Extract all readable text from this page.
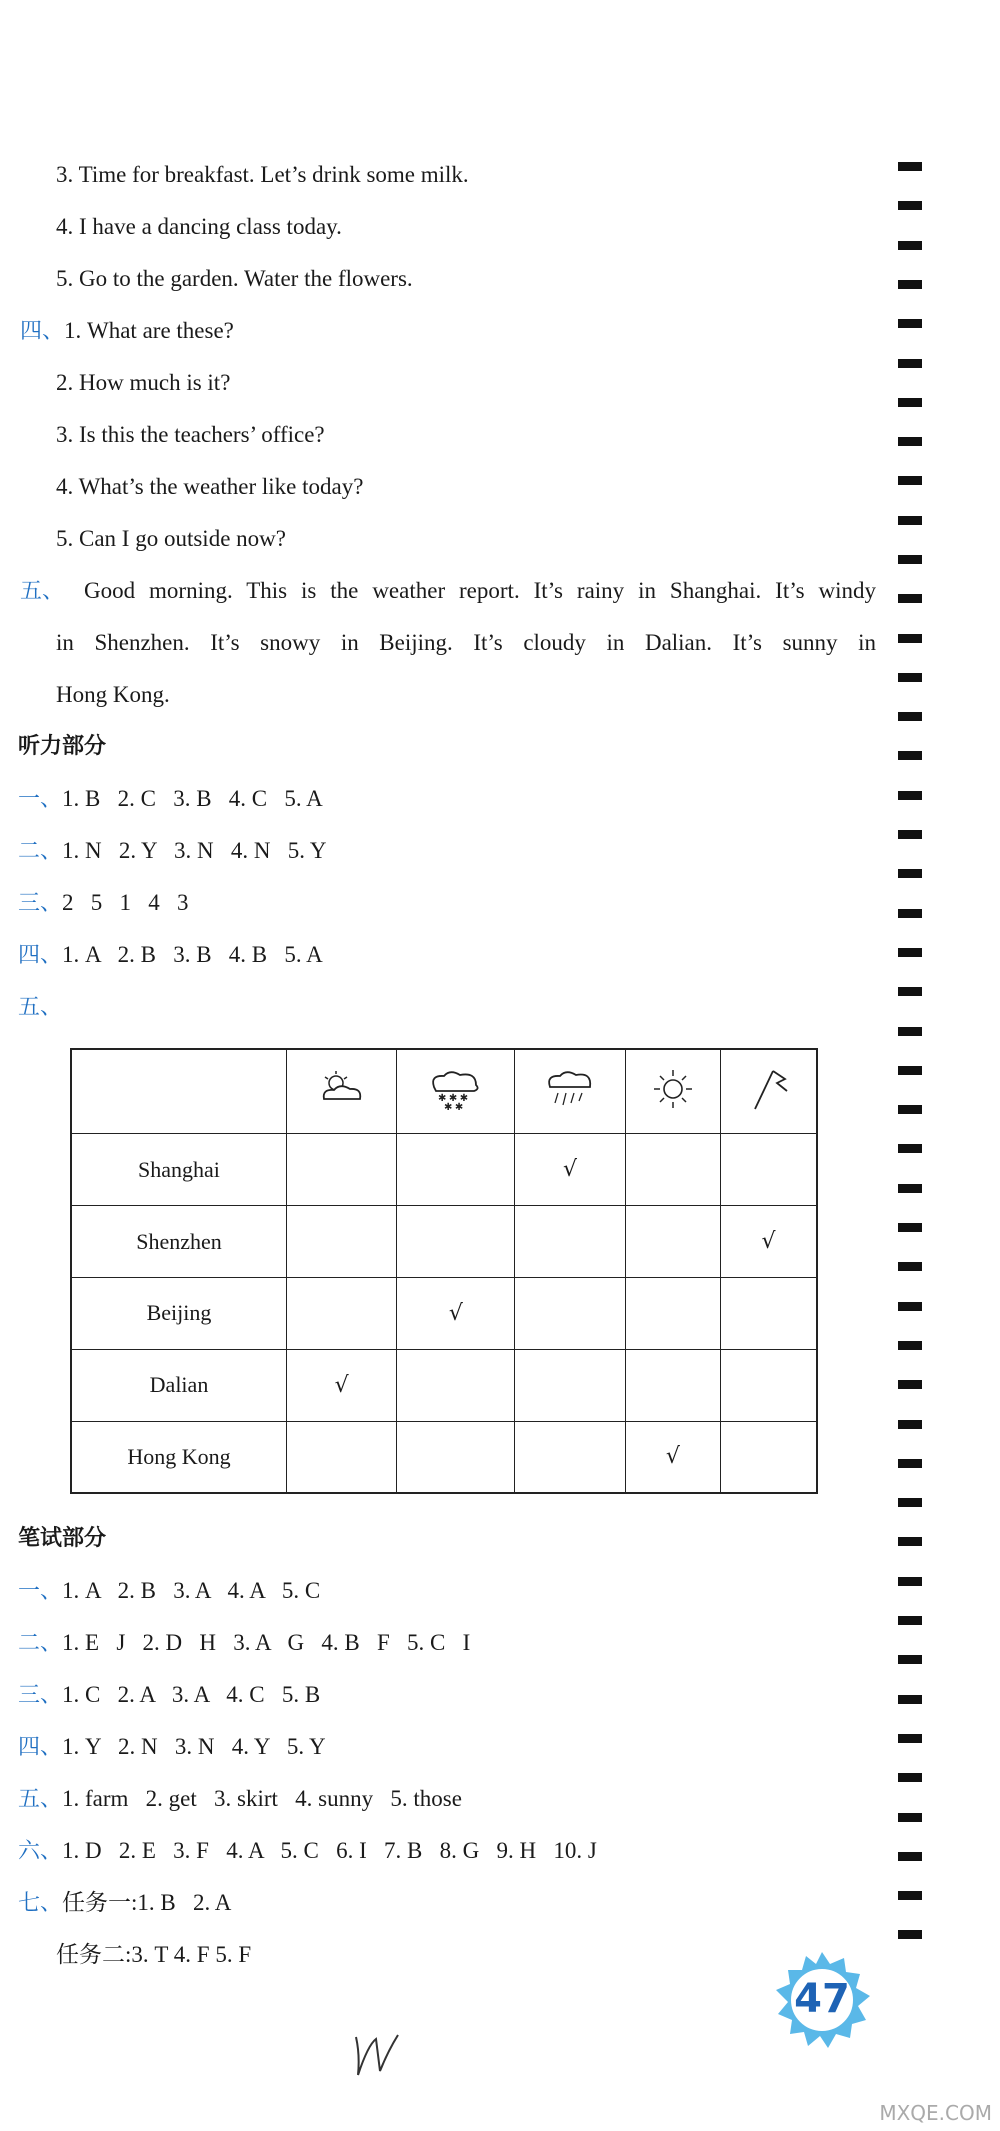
3. Time for breakfast. Let’s drink some milk.
4. I have a dancing class today.
5. Go to the garden. Water the flowers.
四、1. What are these?
2. How much is it?
3. Is this the teachers’ office?
4. What’s the weather like today?
5. Can I go outside now?
五、 Good morning. This is the weather report. It’s rainy in Shanghai. It’s windy
in Shenzhen. It’s snowy in Beijing. It’s cloudy in Dalian. It’s sunny in
Hong Kong.
听力部分
一、1. B   2. C   3. B   4. C   5. A
二、1. N   2. Y   3. N   4. N   5. Y
三、2   5   1   4   3
四、1. A   2. B   3. B   4. B   5. A
五、

✱ ✱ ✱
✱ ✱

Shanghai			√		
Shenzhen					√
Beijing		√			
Dalian	√				
Hong Kong				√	
笔试部分
一、1. A   2. B   3. A   4. A   5. C
二、1. E   J   2. D   H   3. A   G   4. B   F   5. C   I
三、1. C   2. A   3. A   4. C   5. B
四、1. Y   2. N   3. N   4. Y   5. Y
五、1. farm   2. get   3. skirt   4. sunny   5. those
六、1. D   2. E   3. F   4. A   5. C   6. I   7. B   8. G   9. H   10. J
七、任务一:1. B   2. A
任务二:3. T 4. F 5. F
47
MXQE.COM
